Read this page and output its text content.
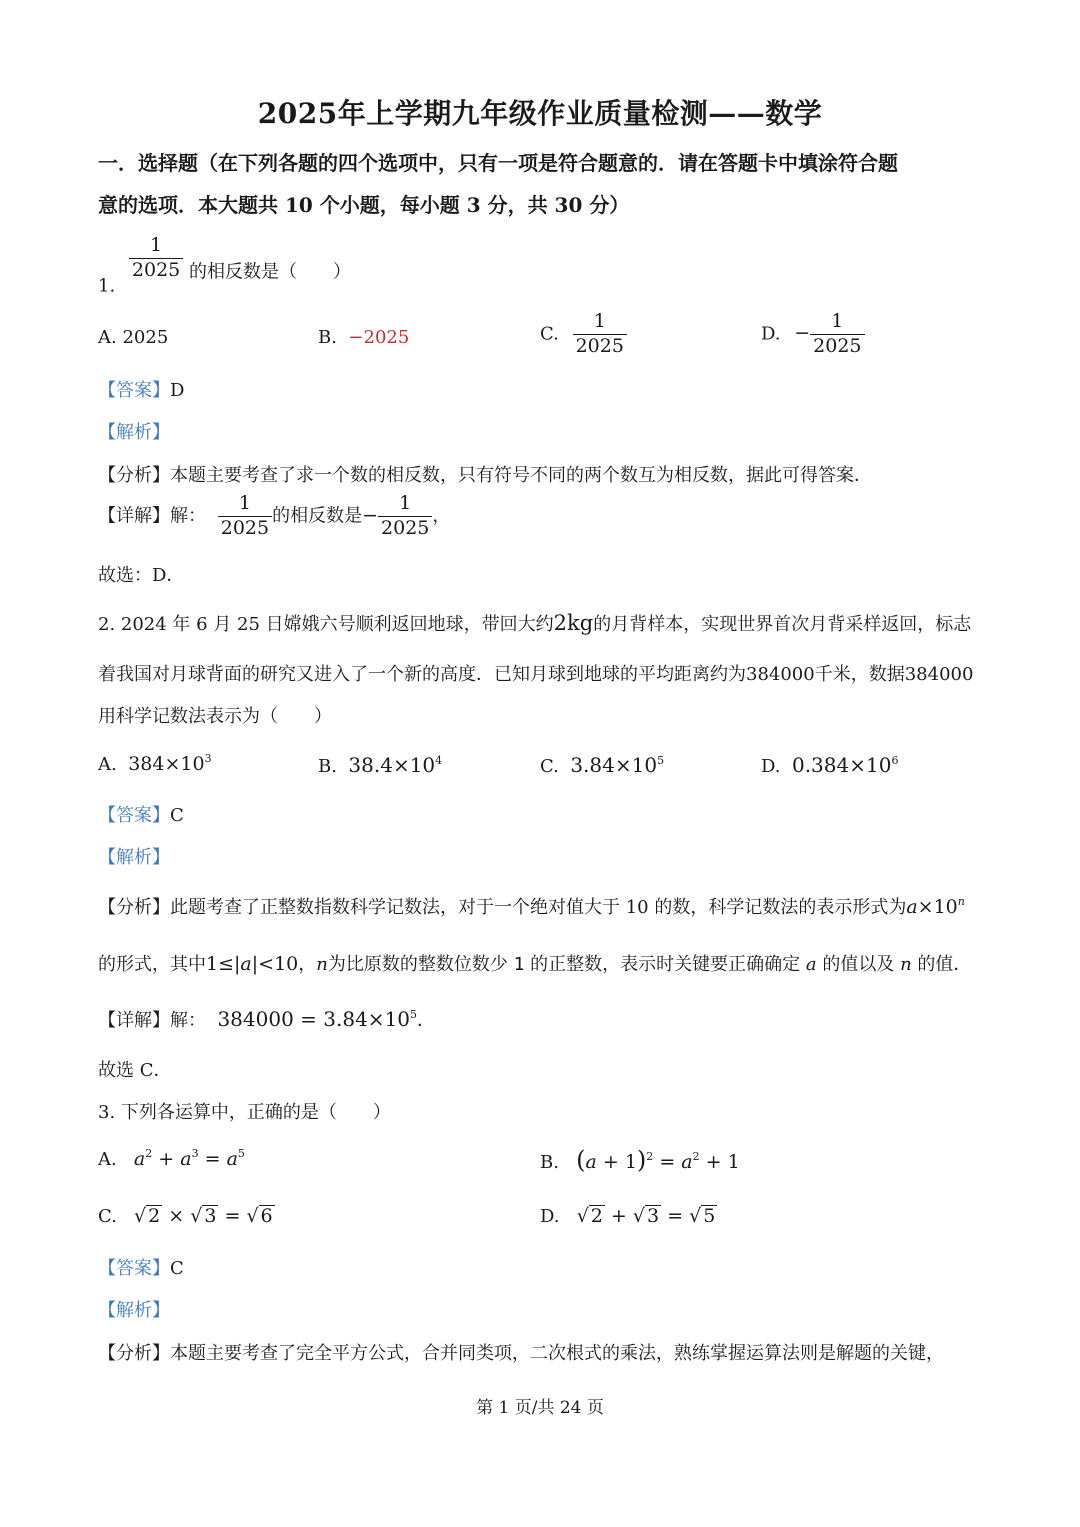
2025年上学期九年级作业质量检测——数学
一．选择题（在下列各题的四个选项中，只有一项是符合题意的．请在答题卡中填涂符合题
意的选项．本大题共 10 个小题，每小题 3 分，共 30 分）
1.
$\frac{1}{2025}$ 的相反数是（　　）
A. 2025	B. −2025	C. $\frac{1}{2025}$	D. − $\frac{1}{2025}$
【答案】D
【解析】
【分析】本题主要考查了求一个数的相反数，只有符号不同的两个数互为相反数，据此可得答案．
【详解】解： $\frac{1}{2025}$ 的相反数是− $\frac{1}{2025}$ ，
故选：D．
2. 2024 年 6 月 25 日嫦娥六号顺利返回地球，带回大约2kg的月背样本，实现世界首次月背采样返回，标志
着我国对月球背面的研究又进入了一个新的高度．已知月球到地球的平均距离约为384000千米，数据384000
用科学记数法表示为（　　）
A. $384\times 10^3$	B. $38.4\times 10^4$	C. $3.84\times 10^5$	D. $0.384\times 10^6$
【答案】C
【解析】
【分析】此题考查了正整数指数科学记数法，对于一个绝对值大于 10 的数，科学记数法的表示形式为$a\times 10^n$
的形式，其中1≤|a|<10，n为比原数的整数位数少 1 的正整数，表示时关键要正确确定 a 的值以及 n 的值．
【详解】解： $384000 = 3.84\times 10^5$．
故选 C．
3. 下列各运算中，正确的是（　　）
A. $a^2 + a^3 = a^5$	B. $(a + 1)^2 = a^2 + 1$
C. √ 2 × √ 3 = √ 6	D. √ 2 + √ 3 = √ 5
【答案】C
【解析】
【分析】本题主要考查了完全平方公式，合并同类项，二次根式的乘法，熟练掌握运算法则是解题的关键，
第 1 页/共 24 页
